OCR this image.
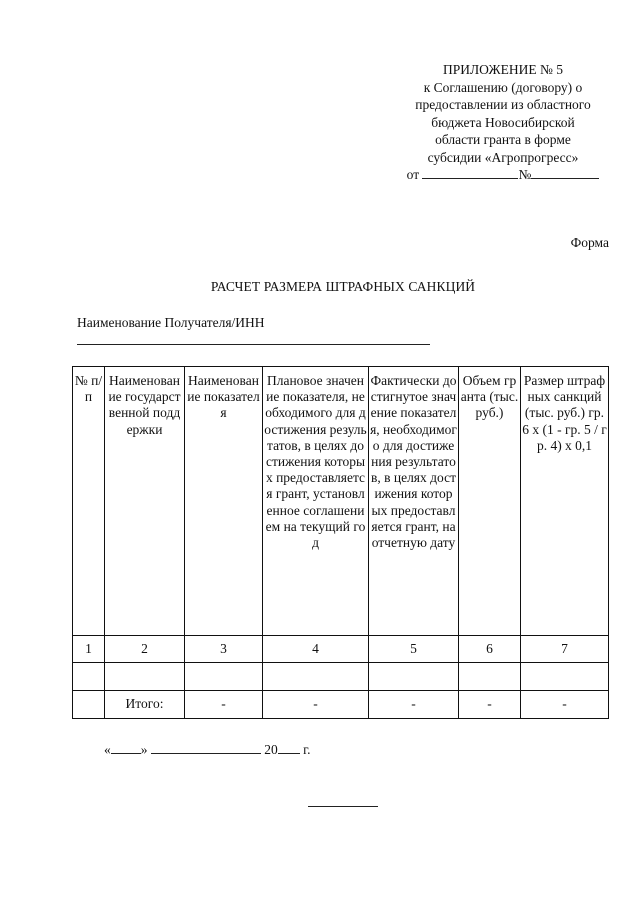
ПРИЛОЖЕНИЕ № 5
к Соглашению (договору) о
предоставлении из областного
бюджета Новосибирской
области гранта в форме
субсидии «Агропрогресс»
от	№
Форма
РАСЧЕТ РАЗМЕРА ШТРАФНЫХ САНКЦИЙ
Наименование Получателя/ИНН
№ п/п	Наименование государственной поддержки	Наименование показателя	Плановое значение показателя, необходимого для достижения результатов, в целях достижения которых предоставляется грант, установленное соглашением на текущий год	Фактически достигнутое значение показателя, необходимого для достижения результатов, в целях достижения которых предоставляется грант, на отчетную дату	Объем гранта (тыс. руб.)	Размер штрафных санкций (тыс. руб.) гр. 6 х (1 - гр. 5 / гр. 4) х 0,1
1	2	3	4	5	6	7

	Итого:	-	-	-	-	-
« »	20 г.
